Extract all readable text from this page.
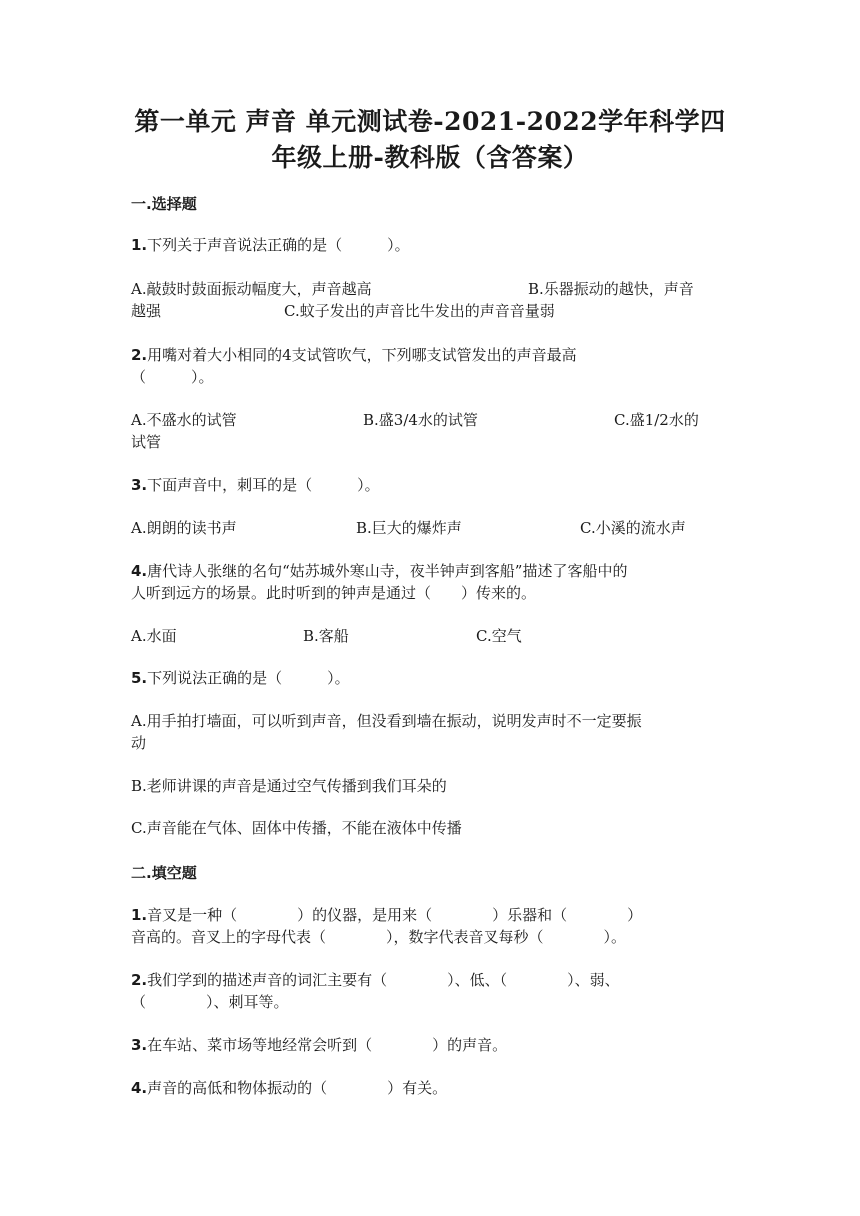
第一单元 声音 单元测试卷-2021-2022学年科学四
年级上册-教科版（含答案）
一.选择题
1.下列关于声音说法正确的是（　　　）。
A.敲鼓时鼓面振动幅度大，声音越高	B.乐器振动的越快，声音
越强	C.蚊子发出的声音比牛发出的声音音量弱
2.用嘴对着大小相同的4支试管吹气，下列哪支试管发出的声音最高
（　　　）。
A.不盛水的试管	B.盛3/4水的试管	C.盛1/2水的
试管
3.下面声音中，刺耳的是（　　　）。
A.朗朗的读书声	B.巨大的爆炸声	C.小溪的流水声
4.唐代诗人张继的名句“姑苏城外寒山寺，夜半钟声到客船”描述了客船中的
人听到远方的场景。此时听到的钟声是通过（　　）传来的。
A.水面	B.客船	C.空气
5.下列说法正确的是（　　　）。
A.用手拍打墙面，可以听到声音，但没看到墙在振动，说明发声时不一定要振
动
B.老师讲课的声音是通过空气传播到我们耳朵的
C.声音能在气体、固体中传播，不能在液体中传播
二.填空题
1.音叉是一种（　　　　）的仪器，是用来（　　　　）乐器和（　　　　）
音高的。音叉上的字母代表（　　　　），数字代表音叉每秒（　　　　）。
2.我们学到的描述声音的词汇主要有（　　　　）、低、（　　　　）、弱、
（　　　　）、刺耳等。
3.在车站、菜市场等地经常会听到（　　　　）的声音。
4.声音的高低和物体振动的（　　　　）有关。
